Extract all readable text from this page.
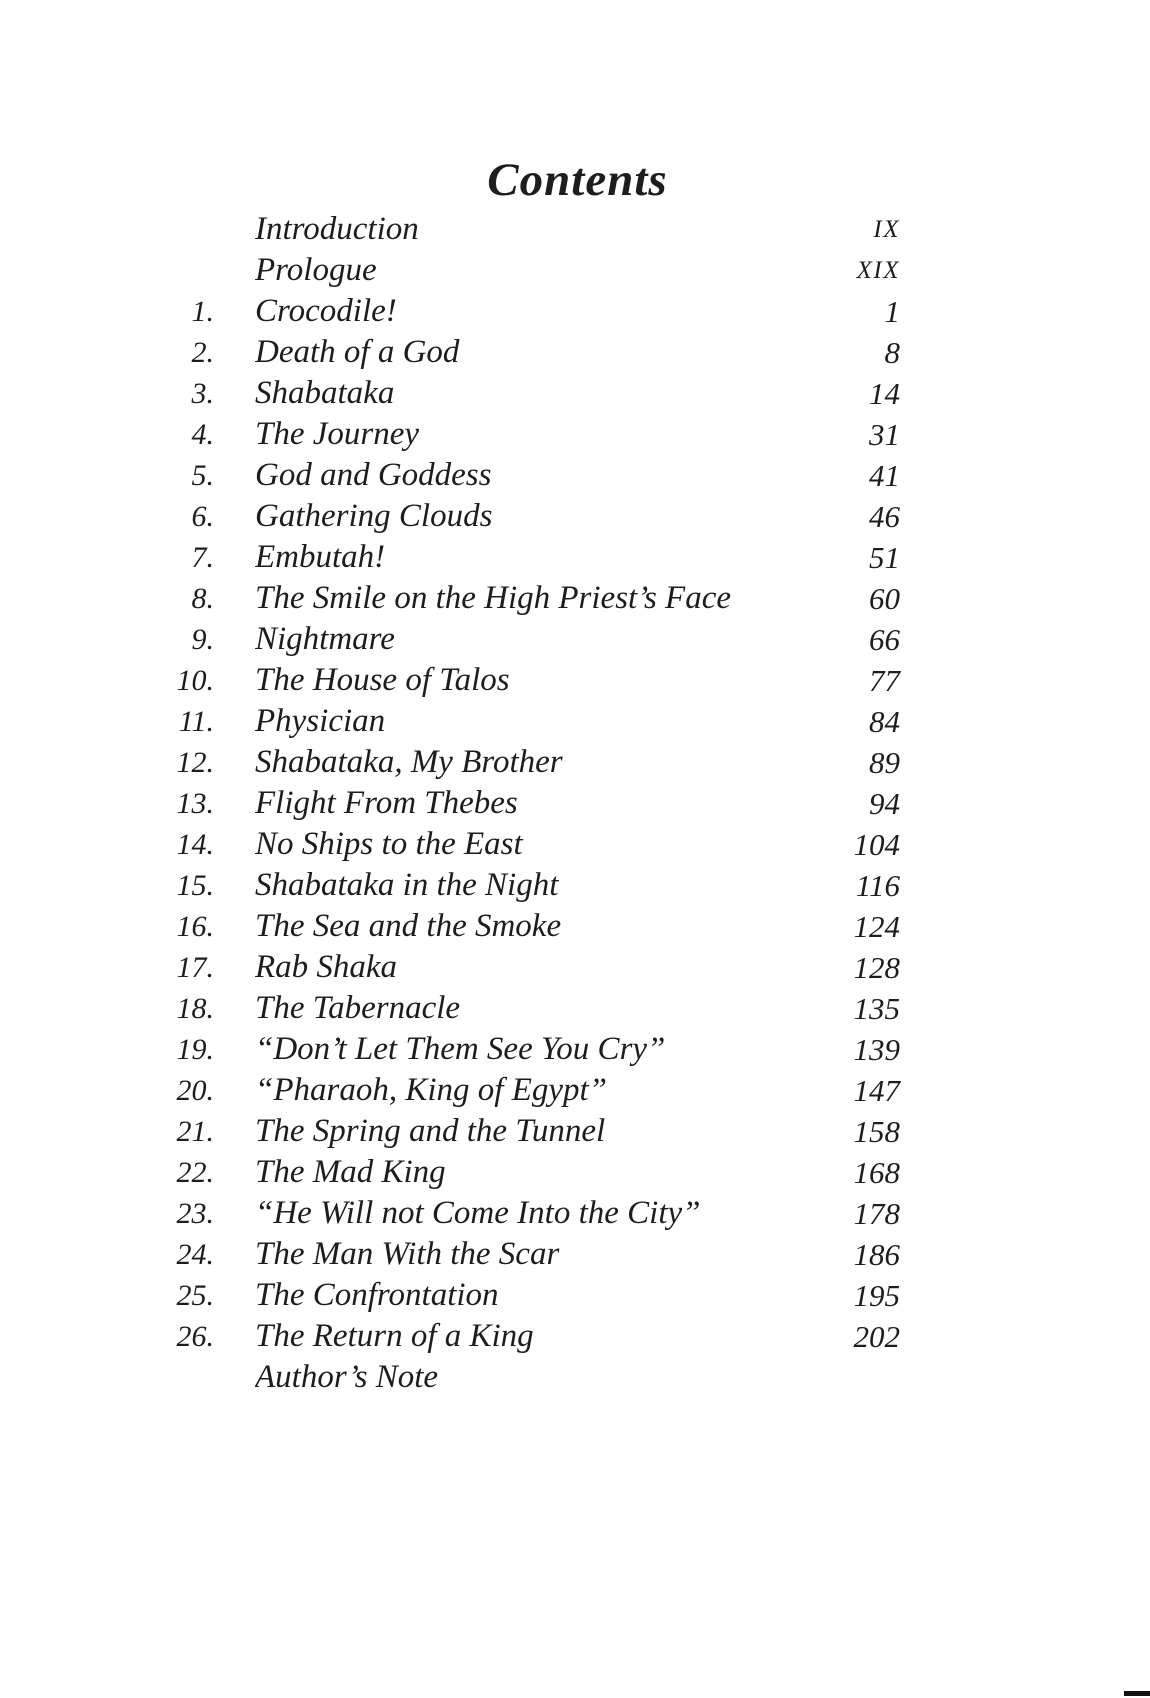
Contents
Introduction	IX
Prologue	XIX
1. Crocodile!	1
2. Death of a God	8
3. Shabataka	14
4. The Journey	31
5. God and Goddess	41
6. Gathering Clouds	46
7. Embutah!	51
8. The Smile on the High Priest’s Face	60
9. Nightmare	66
10. The House of Talos	77
11. Physician	84
12. Shabataka, My Brother	89
13. Flight From Thebes	94
14. No Ships to the East	104
15. Shabataka in the Night	116
16. The Sea and the Smoke	124
17. Rab Shaka	128
18. The Tabernacle	135
19. “Don’t Let Them See You Cry”	139
20. “Pharaoh, King of Egypt”	147
21. The Spring and the Tunnel	158
22. The Mad King	168
23. “He Will not Come Into the City”	178
24. The Man With the Scar	186
25. The Confrontation	195
26. The Return of a King	202
Author’s Note
